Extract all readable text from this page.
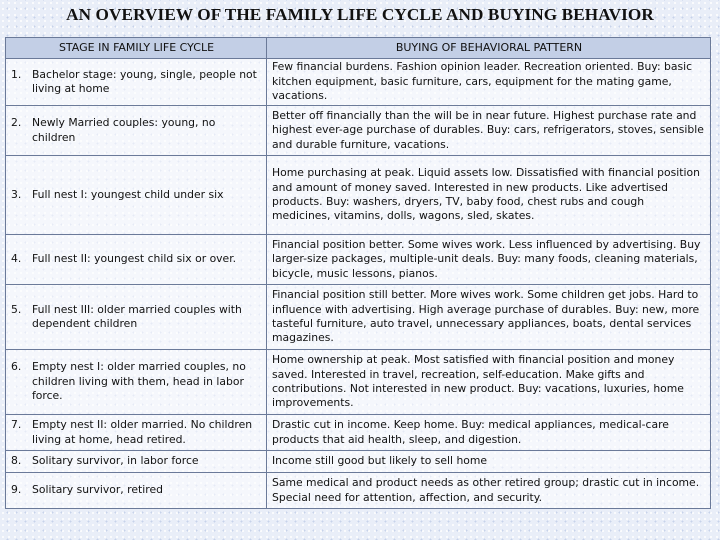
AN OVERVIEW OF THE FAMILY LIFE CYCLE AND BUYING BEHAVIOR
STAGE IN FAMILY LIFE CYCLE	BUYING OF BEHAVIORAL PATTERN

1. Bachelor stage: young, single, people not living at home	Few financial burdens. Fashion opinion leader. Recreation oriented. Buy: basic kitchen equipment, basic furniture, cars, equipment for the mating game, vacations.

2. Newly Married couples: young, no children	Better off financially than the will be in near future. Highest purchase rate and highest ever-age purchase of durables. Buy: cars, refrigerators, stoves, sensible and durable furniture, vacations.

3. Full nest I: youngest child under six	Home purchasing at peak. Liquid assets low. Dissatisfied with financial position and amount of money saved. Interested in new products. Like advertised products. Buy: washers, dryers, TV, baby food, chest rubs and cough medicines, vitamins, dolls, wagons, sled, skates.

4. Full nest II: youngest child six or over.	Financial position better. Some wives work. Less influenced by advertising. Buy larger-size packages, multiple-unit deals. Buy: many foods, cleaning materials, bicycle, music lessons, pianos.

5. Full nest III: older married couples with dependent children	Financial position still better. More wives work. Some children get jobs. Hard to influence with advertising. High average purchase of durables. Buy: new, more tasteful furniture, auto travel, unnecessary appliances, boats, dental services magazines.

6. Empty nest I: older married couples, no children living with them, head in labor force.	Home ownership at peak. Most satisfied with financial position and money saved. Interested in travel, recreation, self-education. Make gifts and contributions. Not interested in new product. Buy: vacations, luxuries, home improvements.

7. Empty nest II: older married. No children living at home, head retired.	Drastic cut in income. Keep home. Buy: medical appliances, medical-care products that aid health, sleep, and digestion.

8. Solitary survivor, in labor force	Income still good but likely to sell home

9. Solitary survivor, retired	Same medical and product needs as other retired group; drastic cut in income. Special need for attention, affection, and security.
